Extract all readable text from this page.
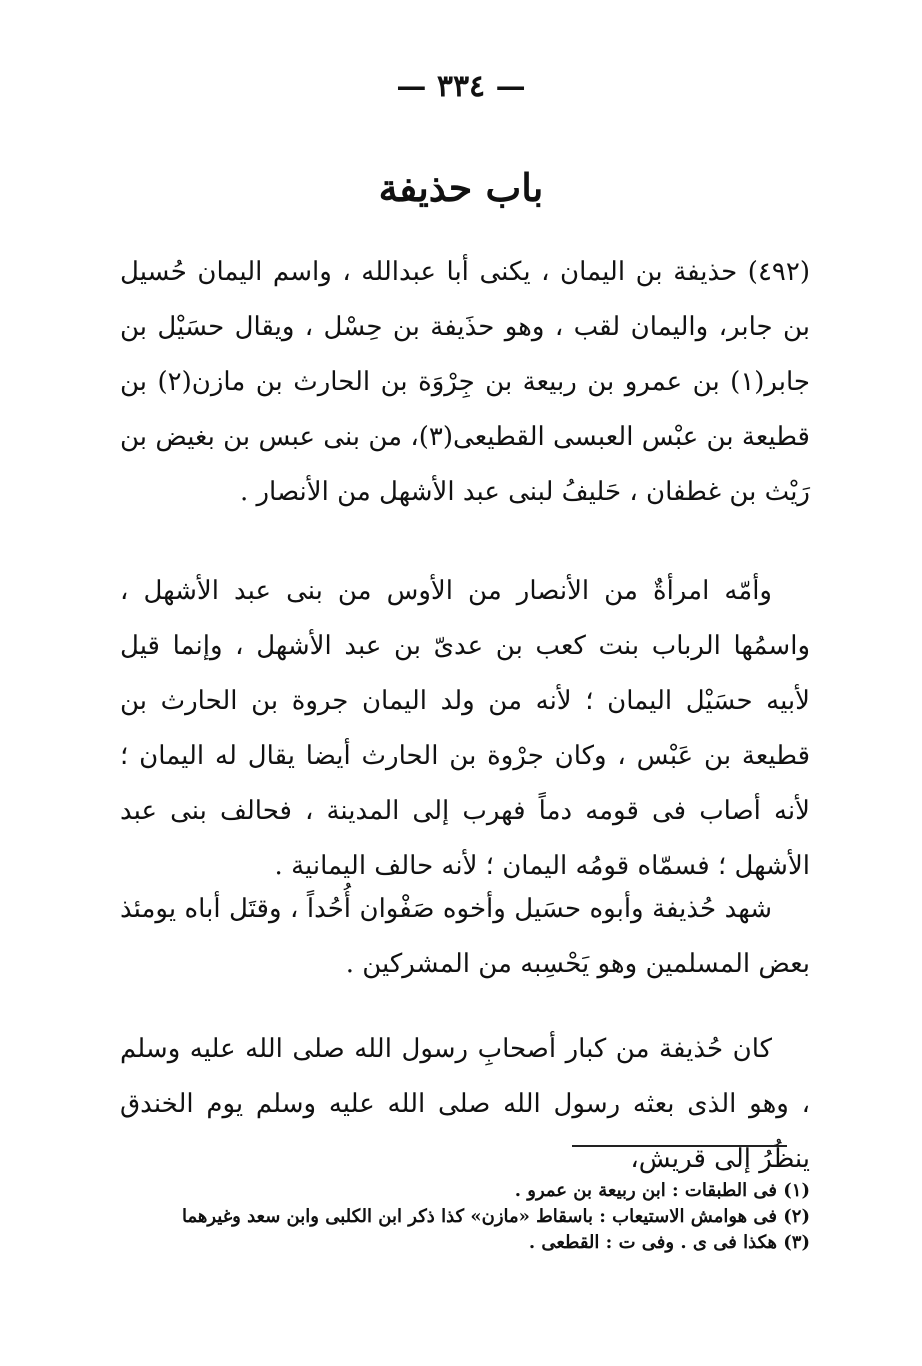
— ٣٣٤ —
باب حذيفة

(٤٩٢) حذيفة بن اليمان ، يكنى أبا عبدالله ، واسم اليمان حُسيل بن جابر، واليمان لقب ، وهو حذَيفة بن حِسْل ، ويقال حسَيْل بن جابر(١) بن عمرو بن ربيعة بن جِرْوَة بن الحارث بن مازن(٢) بن قطيعة بن عبْس العبسى القطيعى(٣)، من بنى عبس بن بغيض بن رَيْث بن غطفان ، حَليفُ لبنى عبد الأشهل من الأنصار .

وأمّه امرأةٌ من الأنصار من الأوس من بنى عبد الأشهل ، واسمُها الرباب بنت كعب بن عدىّ بن عبد الأشهل ، وإنما قيل لأبيه حسَيْل اليمان ؛ لأنه من ولد اليمان جروة بن الحارث بن قطيعة بن عَبْس ، وكان جرْوة بن الحارث أيضا يقال له اليمان ؛ لأنه أصاب فى قومه دماً فهرب إلى المدينة ، فحالف بنى عبد الأشهل ؛ فسمّاه قومُه اليمان ؛ لأنه حالف اليمانية .

شهد حُذيفة وأبوه حسَيل وأخوه صَفْوان أُحُداً ، وقتَل أباه يومئذ بعض المسلمين وهو يَحْسِبه من المشركين .

كان حُذيفة من كبار أصحابِ رسول الله صلى الله عليه وسلم ، وهو الذى بعثه رسول الله صلى الله عليه وسلم يوم الخندق ينظُرُ إلى قريش،

(١) فى الطبقات : ابن ربيعة بن عمرو .

(٢) فى هوامش الاستيعاب : باسقاط «مازن» كذا ذكر ابن الكلبى وابن سعد وغيرهما

(٣) هكذا فى ى . وفى ت : القطعى .
